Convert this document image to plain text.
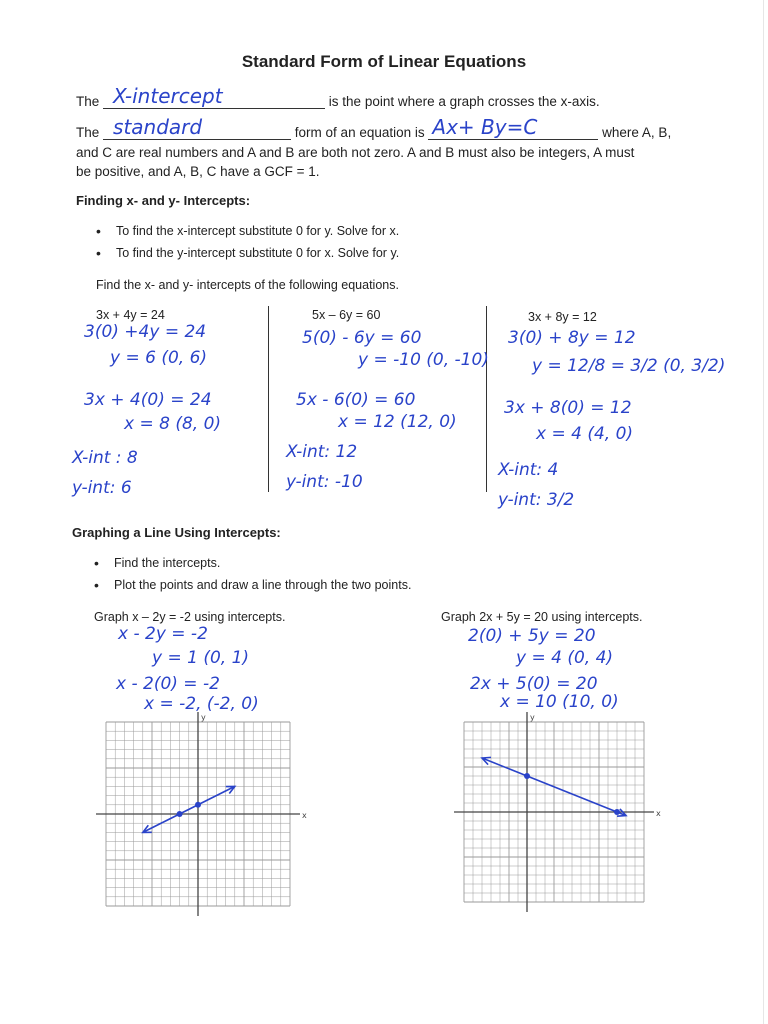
Standard Form of Linear Equations
The X-intercept	is the point where a graph crosses the x-axis.
The standard	form of an equation is Ax+ By=C	where A, B,
and C are real numbers and A and B are both not zero. A and B must also be integers, A must
be positive, and A, B, C have a GCF = 1.
Finding x- and y- Intercepts:
• To find the x-intercept substitute 0 for y. Solve for x.
• To find the y-intercept substitute 0 for x. Solve for y.
Find the x- and y- intercepts of the following equations.
3x + 4y = 24
3(0) +4y = 24
y = 6 (0, 6)
3x + 4(0) = 24
x = 8 (8, 0)
X-int : 8
y-int: 6
5x – 6y = 60
5(0) - 6y = 60
y = -10 (0, -10)
5x - 6(0) = 60
x = 12 (12, 0)
X-int: 12
y-int: -10
3x + 8y = 12
3(0) + 8y = 12
y = 12/8 = 3/2 (0, 3/2)
3x + 8(0) = 12
x = 4 (4, 0)
X-int: 4
y-int: 3/2
Graphing a Line Using Intercepts:
• Find the intercepts.
• Plot the points and draw a line through the two points.
Graph x – 2y = -2 using intercepts.
x - 2y = -2
y = 1 (0, 1)
x - 2(0) = -2
x = -2, (-2, 0)
Graph 2x + 5y = 20 using intercepts.
2(0) + 5y = 20
y = 4 (0, 4)
2x + 5(0) = 20
x = 10 (10, 0)
x
y
x
y
